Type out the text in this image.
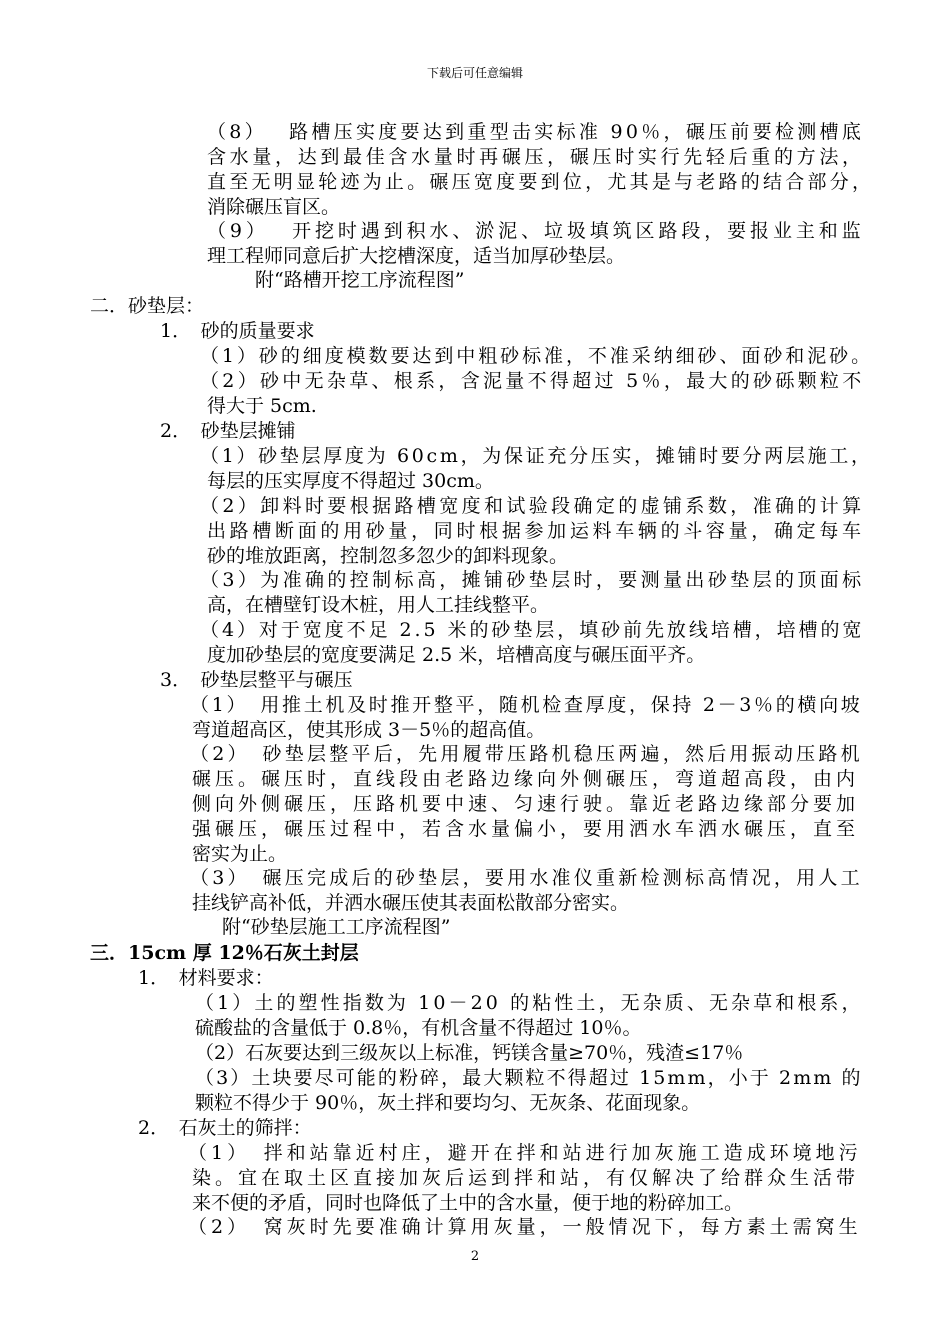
下载后可任意编辑
（8）　 路槽压实度要达到重型击实标准 90％，碾压前要检测槽底
含水量，达到最佳含水量时再碾压，碾压时实行先轻后重的方法，
直至无明显轮迹为止。碾压宽度要到位，尤其是与老路的结合部分，
消除碾压盲区。
（9）　 开挖时遇到积水、淤泥、垃圾填筑区路段，要报业主和监
理工程师同意后扩大挖槽深度，适当加厚砂垫层。
附“路槽开挖工序流程图”
二．砂垫层：
1．　砂的质量要求
（1）砂的细度模数要达到中粗砂标准，不准采纳细砂、面砂和泥砂。
（2）砂中无杂草、根系，含泥量不得超过 5％，最大的砂砾颗粒不
得大于 5cm.
2．　砂垫层摊铺
（1）砂垫层厚度为 60cm，为保证充分压实，摊铺时要分两层施工，
每层的压实厚度不得超过 30cm。
（2）卸料时要根据路槽宽度和试验段确定的虚铺系数，准确的计算
出路槽断面的用砂量，同时根据参加运料车辆的斗容量，确定每车
砂的堆放距离，控制忽多忽少的卸料现象。
（3）为准确的控制标高，摊铺砂垫层时，要测量出砂垫层的顶面标
高，在槽壁钉设木桩，用人工挂线整平。
（4）对于宽度不足 2.5 米的砂垫层，填砂前先放线培槽，培槽的宽
度加砂垫层的宽度要满足 2.5 米，培槽高度与碾压面平齐。
3．　砂垫层整平与碾压
（1）　用推土机及时推开整平，随机检查厚度，保持 2－3％的横向坡
弯道超高区，使其形成 3－5％的超高值。
（2）　砂垫层整平后，先用履带压路机稳压两遍，然后用振动压路机
碾压。碾压时，直线段由老路边缘向外侧碾压，弯道超高段，由内
侧向外侧碾压，压路机要中速、匀速行驶。靠近老路边缘部分要加
强碾压，碾压过程中，若含水量偏小，要用洒水车洒水碾压，直至
密实为止。
（3）　碾压完成后的砂垫层，要用水准仪重新检测标高情况，用人工
挂线铲高补低，并洒水碾压使其表面松散部分密实。
附“砂垫层施工工序流程图”
三．15cm 厚 12％石灰土封层
1．　材料要求：
（1）土的塑性指数为 10－20 的粘性土，无杂质、无杂草和根系，
硫酸盐的含量低于 0.8％，有机含量不得超过 10％。
（2）石灰要达到三级灰以上标准，钙镁含量≥70％，残渣≤17％
（3）土块要尽可能的粉碎，最大颗粒不得超过 15mm，小于 2mm 的
颗粒不得少于 90％，灰土拌和要均匀、无灰条、花面现象。
2．　石灰土的筛拌：
（1）　拌和站靠近村庄，避开在拌和站进行加灰施工造成环境地污
染。宜在取土区直接加灰后运到拌和站，有仅解决了给群众生活带
来不便的矛盾，同时也降低了土中的含水量，便于地的粉碎加工。
（2）　窝灰时先要准确计算用灰量，一般情况下，每方素土需窝生
2
